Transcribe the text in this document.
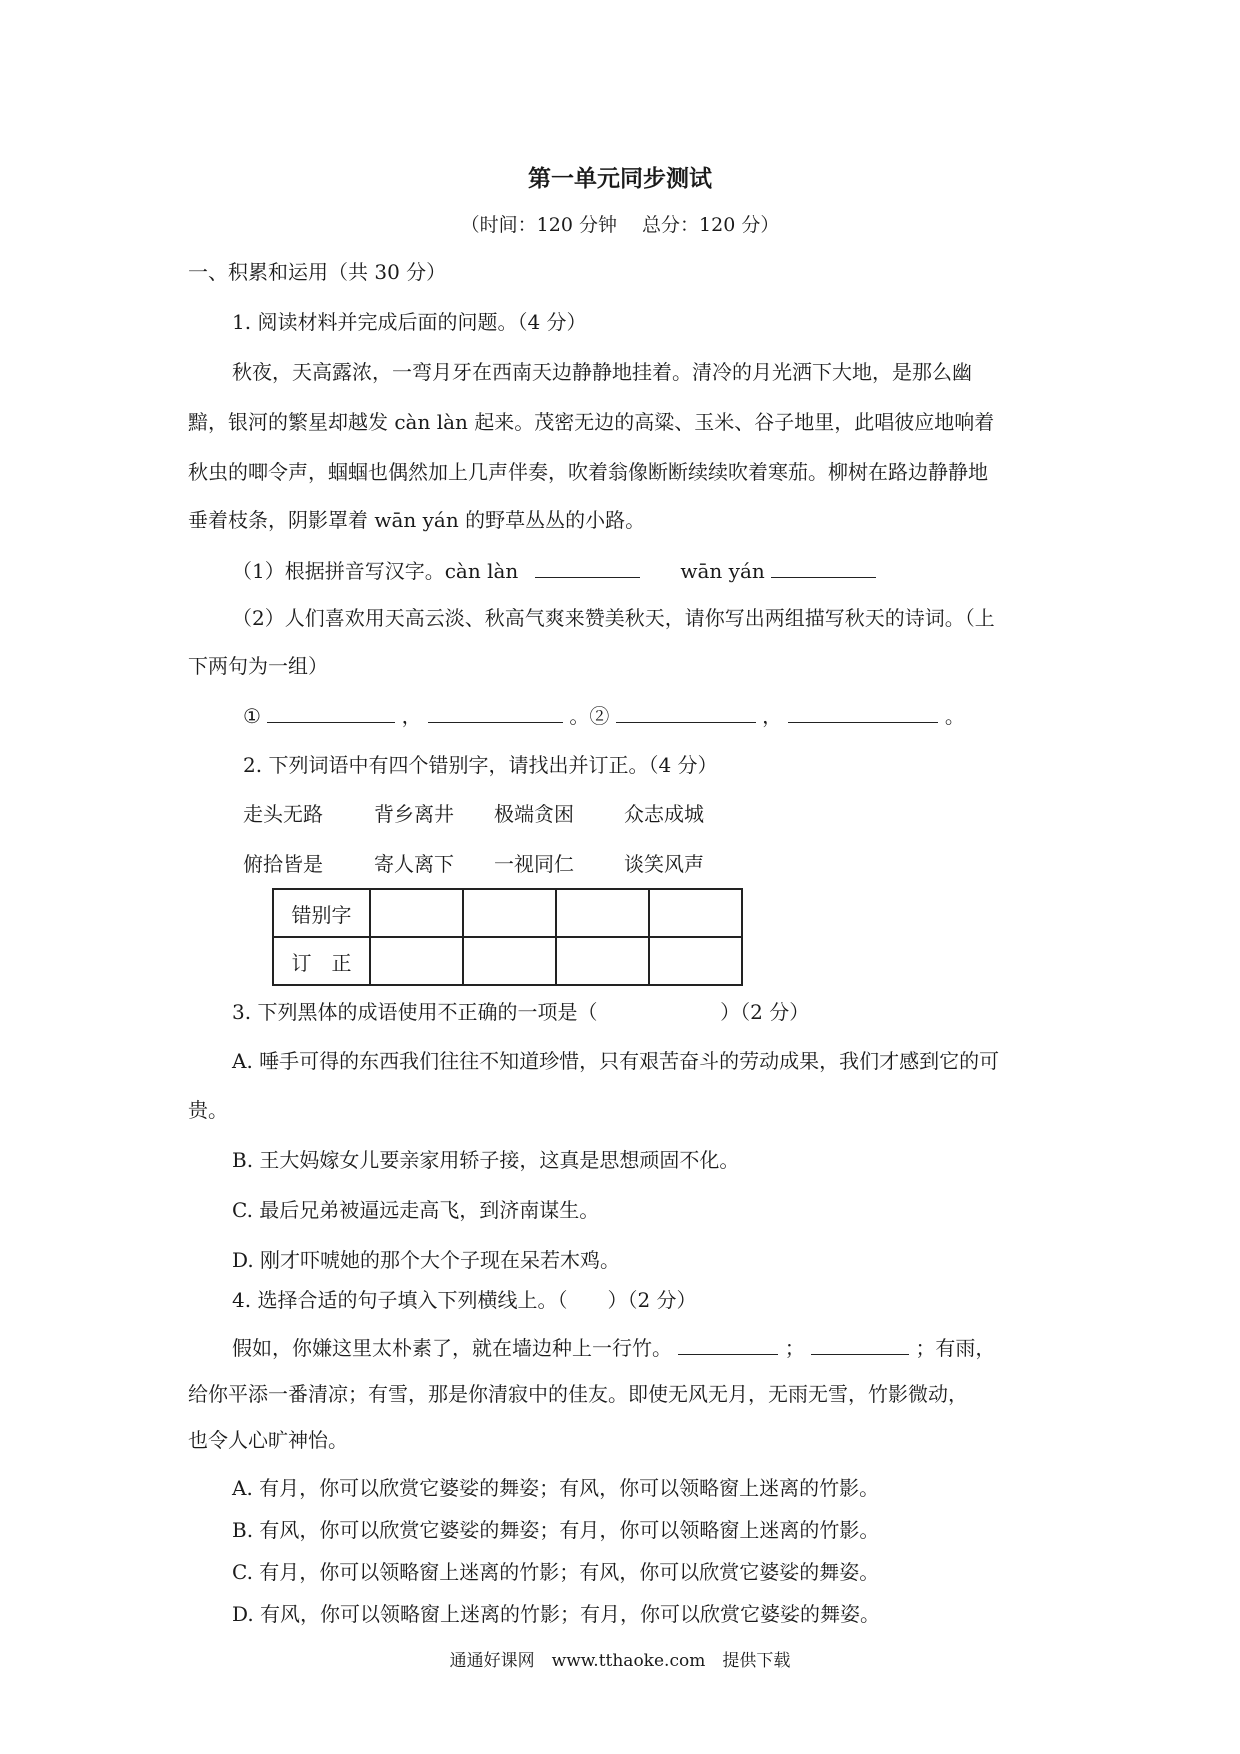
第一单元同步测试
（时间：120 分钟　 总分：120 分）
一、积累和运用（共 30 分）
1. 阅读材料并完成后面的问题。（4 分）
秋夜，天高露浓，一弯月牙在西南天边静静地挂着。清冷的月光洒下大地，是那么幽
黯，银河的繁星却越发 càn làn 起来。茂密无边的高粱、玉米、谷子地里，此唱彼应地响着
秋虫的唧令声，蝈蝈也偶然加上几声伴奏，吹着翁像断断续续吹着寒茄。柳树在路边静静地
垂着枝条，阴影罩着 wān yán 的野草丛丛的小路。
（1）根据拼音写汉字。càn làn	wān yán
（2）人们喜欢用天高云淡、秋高气爽来赞美秋天，请你写出两组描写秋天的诗词。（上
下两句为一组）
①	，	。②	，	。
2. 下列词语中有四个错别字，请找出并订正。（4 分）
走头无路	背乡离井 极端贪困	众志成城
俯拾皆是	寄人离下 一视同仁	谈笑风声
错别字				
订　正				
3. 下列黑体的成语使用不正确的一项是（	）（2 分）
A. 唾手可得的东西我们往往不知道珍惜，只有艰苦奋斗的劳动成果，我们才感到它的可
贵。
B. 王大妈嫁女儿要亲家用轿子接，这真是思想顽固不化。
C. 最后兄弟被逼远走高飞，到济南谋生。
D. 刚才吓唬她的那个大个子现在呆若木鸡。
4. 选择合适的句子填入下列横线上。（　　）（2 分）
假如，你嫌这里太朴素了，就在墙边种上一行竹。	；	；有雨，
给你平添一番清凉；有雪，那是你清寂中的佳友。即使无风无月，无雨无雪，竹影微动，
也令人心旷神怡。
A. 有月，你可以欣赏它婆娑的舞姿；有风，你可以领略窗上迷离的竹影。
B. 有风，你可以欣赏它婆娑的舞姿；有月，你可以领略窗上迷离的竹影。
C. 有月，你可以领略窗上迷离的竹影；有风，你可以欣赏它婆娑的舞姿。
D. 有风，你可以领略窗上迷离的竹影；有月，你可以欣赏它婆娑的舞姿。
通通好课网　www.tthaoke.com　提供下载
